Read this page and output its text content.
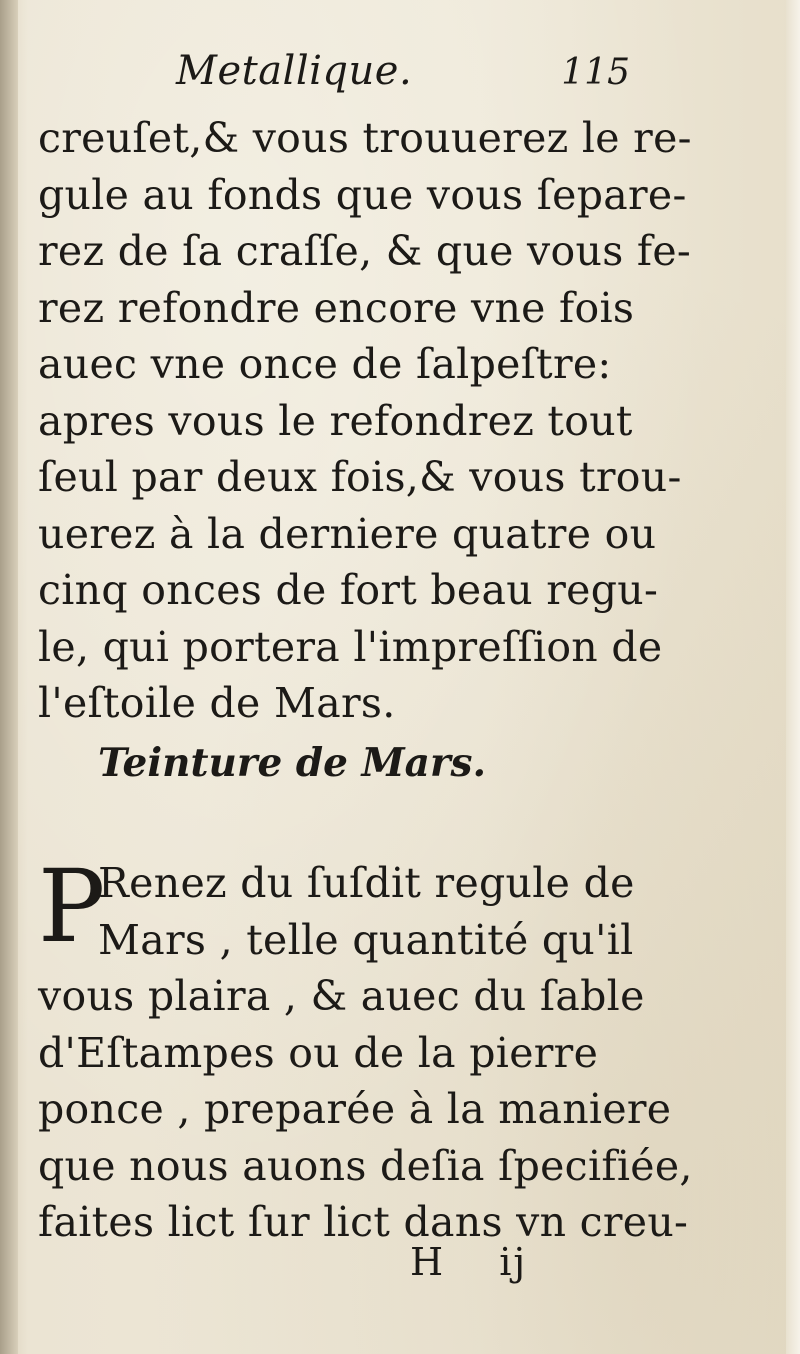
Metallique.	115
creuſet,& vous trouuerez le re-
gule au fonds que vous ſepare-
rez de ſa craſſe, & que vous fe-
rez refondre encore vne fois
auec vne once de ſalpeſtre:
apres vous le refondrez tout
ſeul par deux fois,& vous trou-
uerez à la derniere quatre ou
cinq onces de fort beau regu-
le, qui portera l'impreſſion de
l'eſtoile de Mars.
Teinture de Mars.
P
Renez du ſuſdit regule de
Mars , telle quantité qu'il
vous plaira , & auec du ſable
d'Eſtampes ou de la pierre
ponce , preparée à la maniere
que nous auons deſia ſpecifiée,
faites lict ſur lict dans vn creu-
H ij
